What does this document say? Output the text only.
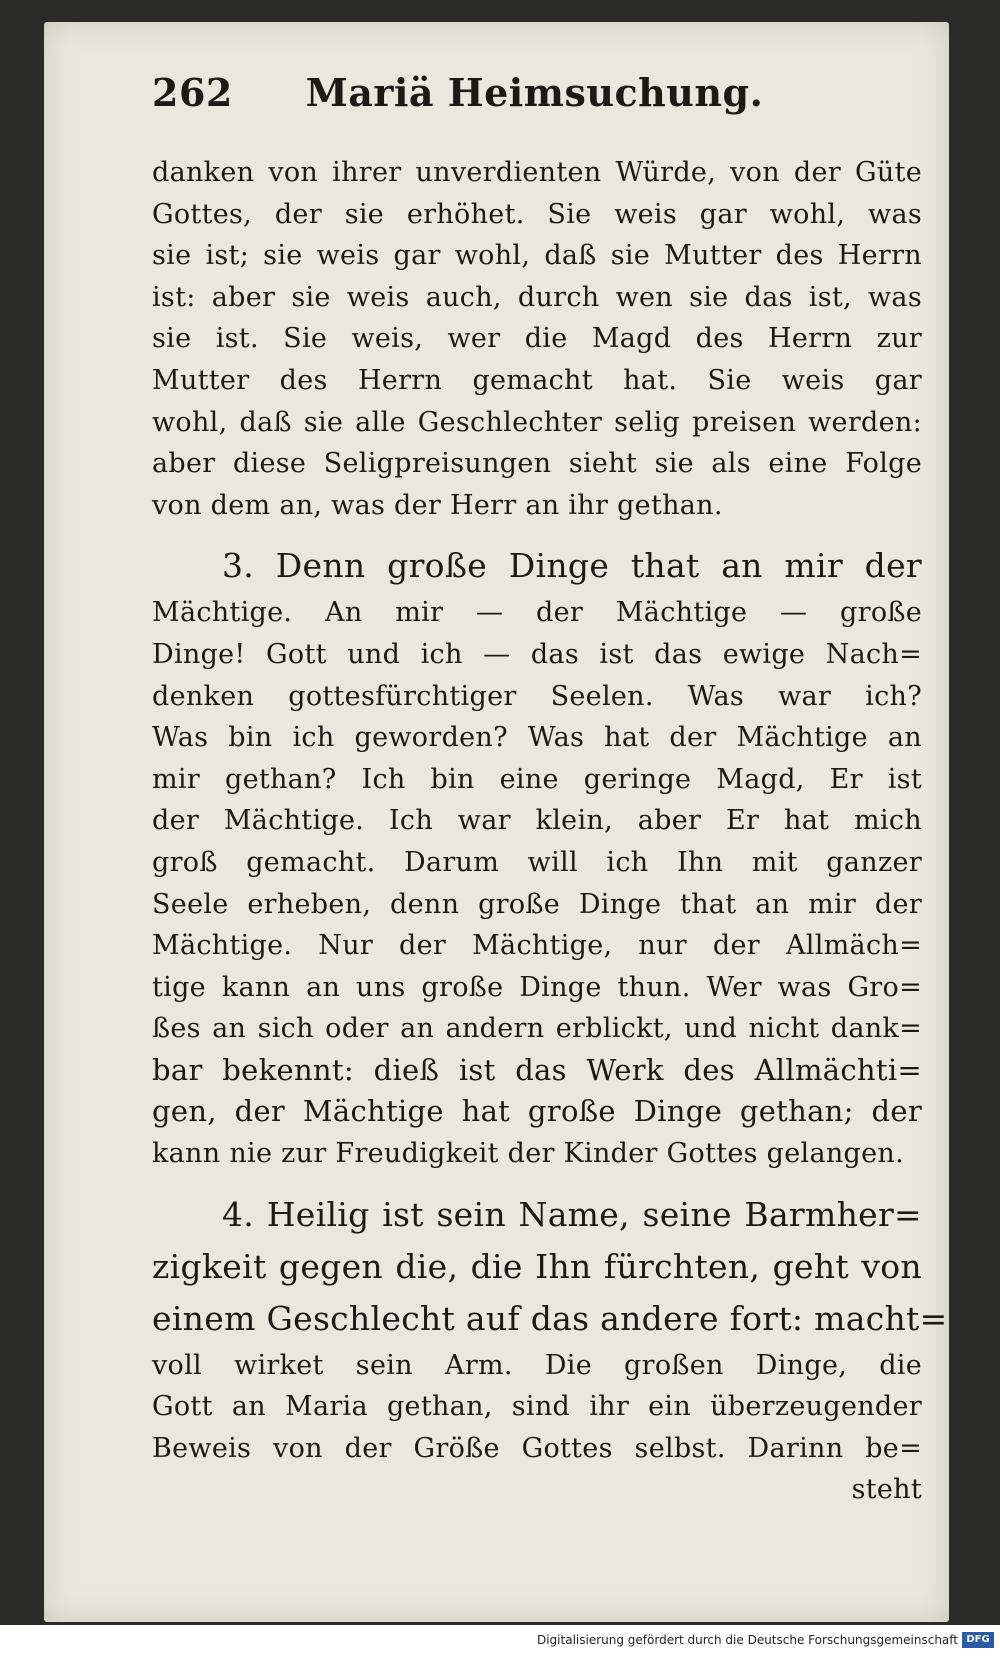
262 Mariä Heimsuchung.
danken von ihrer unverdienten Würde, von der Güte
Gottes, der sie erhöhet. Sie weis gar wohl, was
sie ist; sie weis gar wohl, daß sie Mutter des Herrn
ist: aber sie weis auch, durch wen sie das ist, was
sie ist. Sie weis, wer die Magd des Herrn zur
Mutter des Herrn gemacht hat. Sie weis gar
wohl, daß sie alle Geschlechter selig preisen werden:
aber diese Seligpreisungen sieht sie als eine Folge
von dem an, was der Herr an ihr gethan.
3. Denn große Dinge that an mir der
Mächtige. An mir — der Mächtige — große
Dinge! Gott und ich — das ist das ewige Nach=
denken gottesfürchtiger Seelen. Was war ich?
Was bin ich geworden? Was hat der Mächtige an
mir gethan? Ich bin eine geringe Magd, Er ist
der Mächtige. Ich war klein, aber Er hat mich
groß gemacht. Darum will ich Ihn mit ganzer
Seele erheben, denn große Dinge that an mir der
Mächtige. Nur der Mächtige, nur der Allmäch=
tige kann an uns große Dinge thun. Wer was Gro=
ßes an sich oder an andern erblickt, und nicht dank=
bar bekennt: dieß ist das Werk des Allmächti=
gen, der Mächtige hat große Dinge gethan; der
kann nie zur Freudigkeit der Kinder Gottes gelangen.
4. Heilig ist sein Name, seine Barmher=
zigkeit gegen die, die Ihn fürchten, geht von
einem Geschlecht auf das andere fort: macht=
voll wirket sein Arm. Die großen Dinge, die
Gott an Maria gethan, sind ihr ein überzeugender
Beweis von der Größe Gottes selbst. Darinn be=
steht
Digitalisierung gefördert durch die Deutsche Forschungsgemeinschaft DFG
